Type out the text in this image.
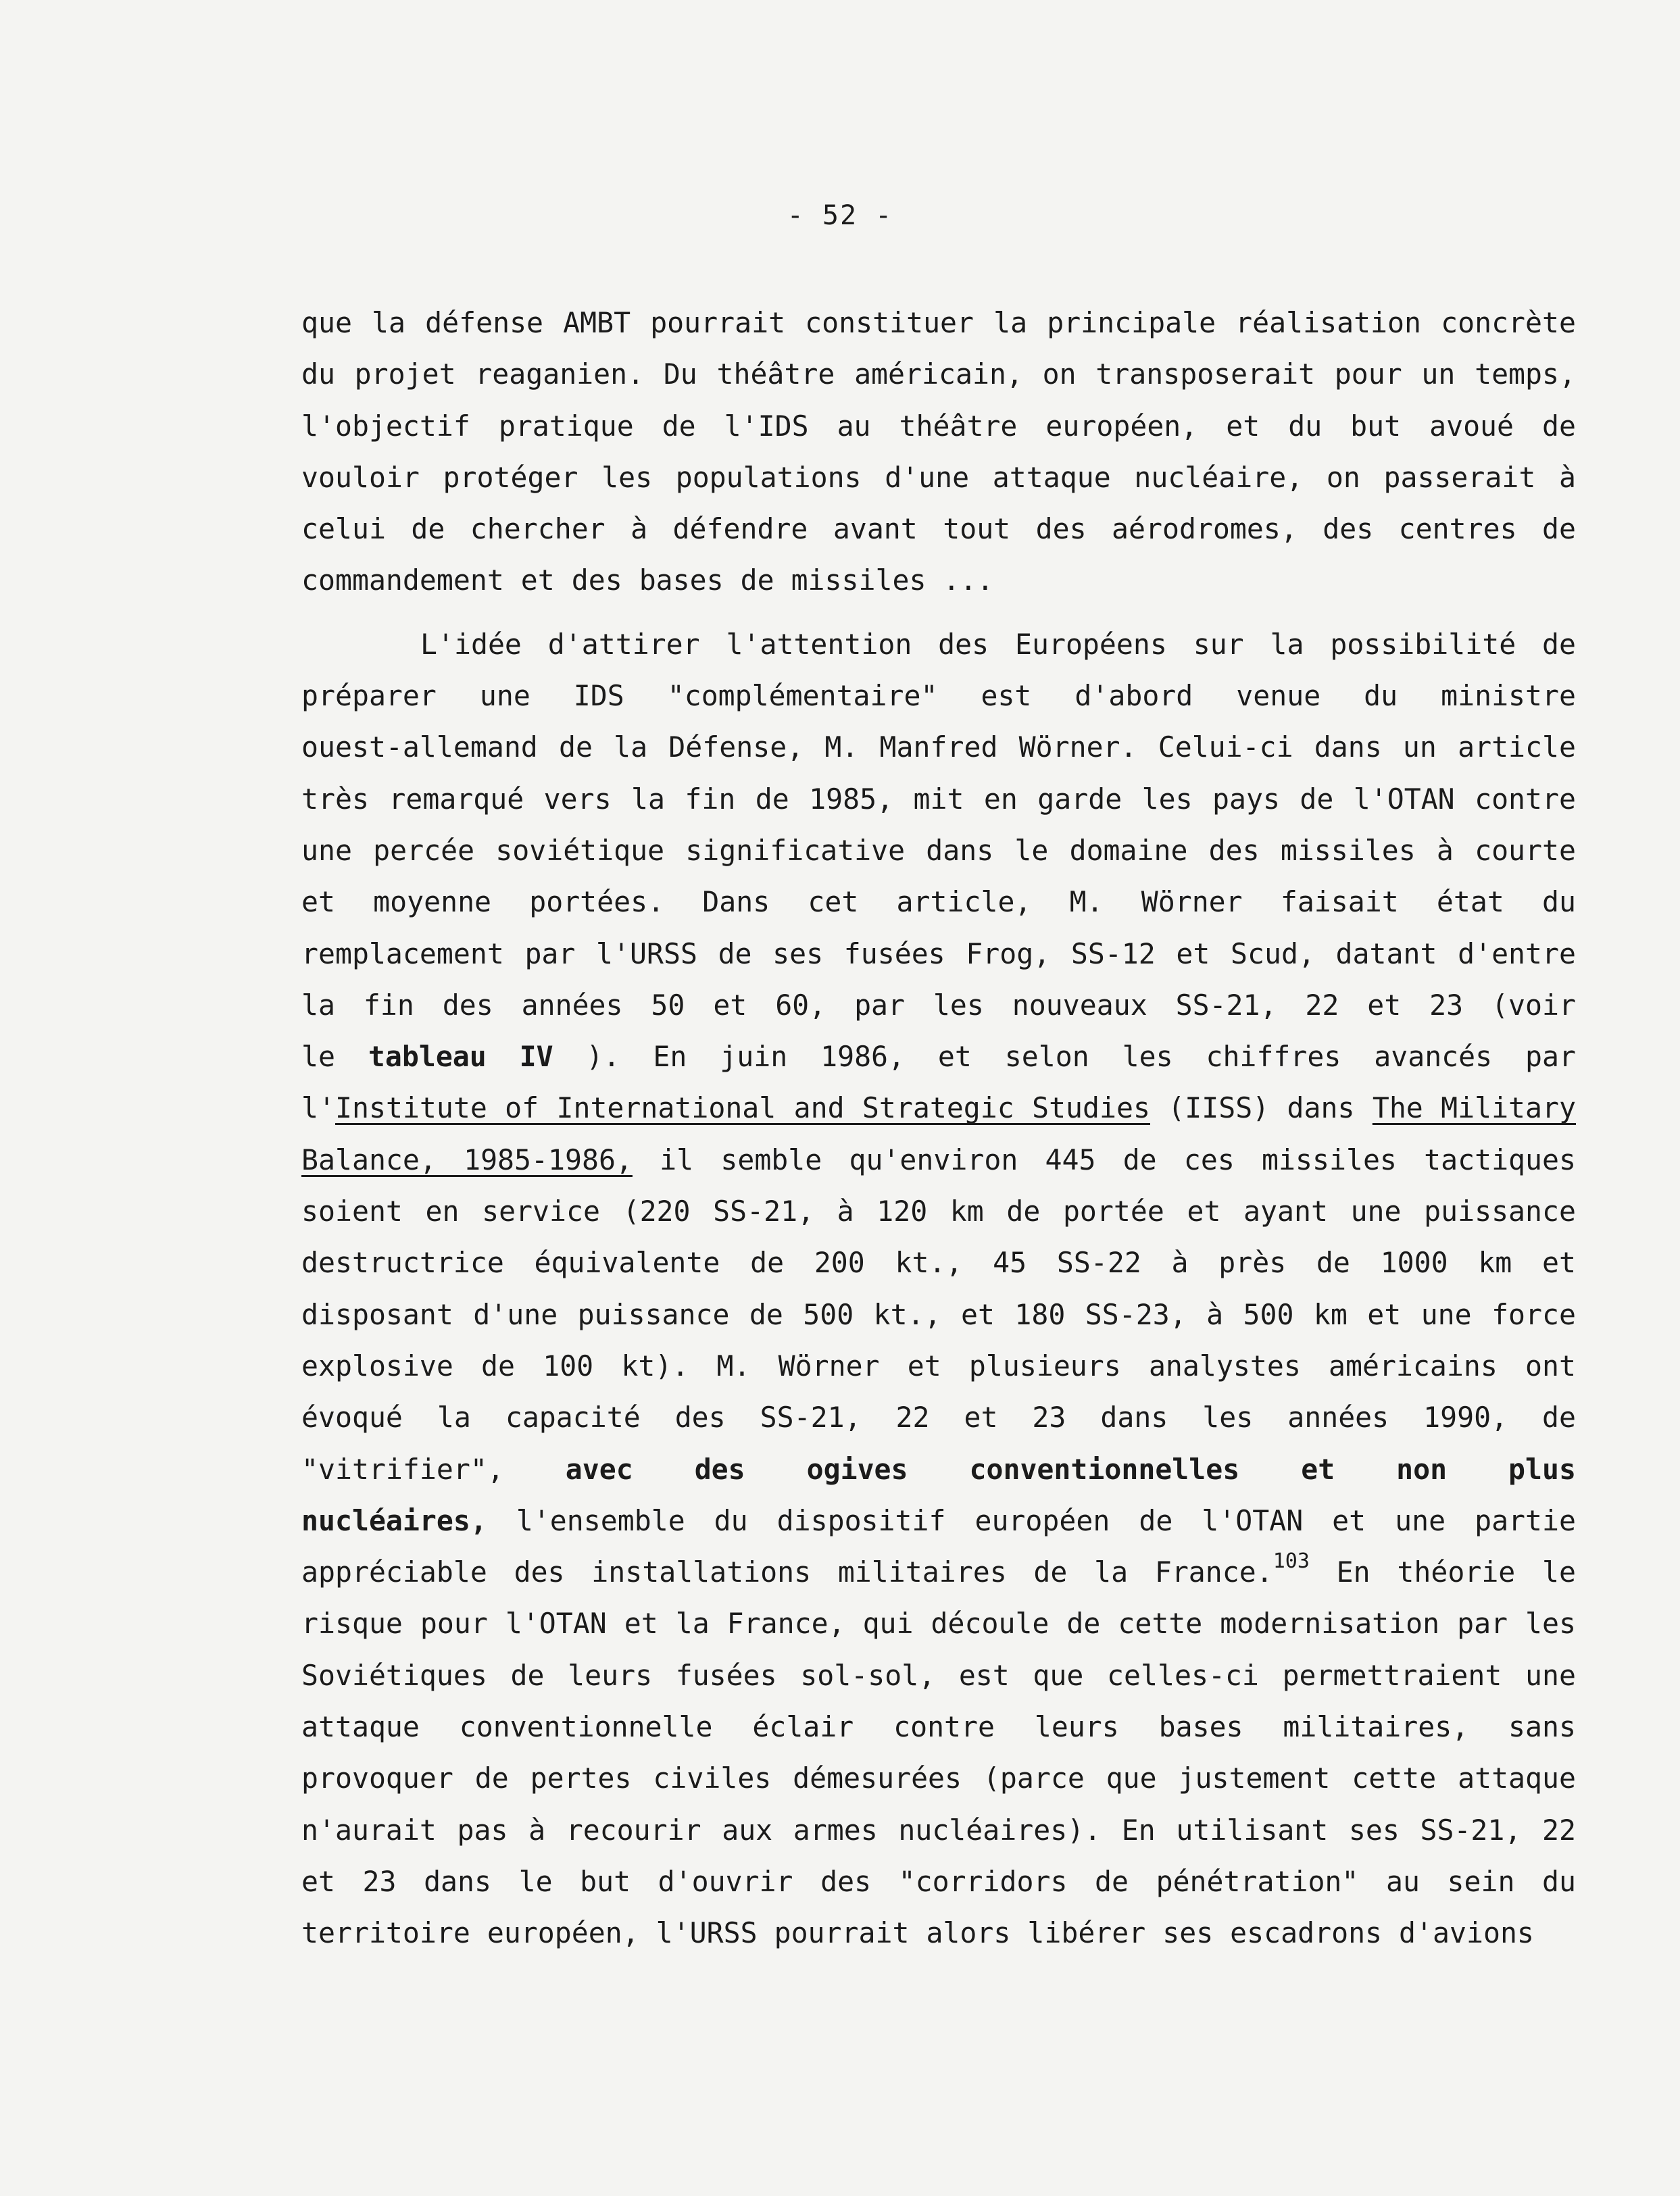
- 52 -
que la défense AMBT pourrait constituer la principale réalisation concrète
du projet reaganien. Du théâtre américain, on transposerait pour un temps,
l'objectif pratique de l'IDS au théâtre européen, et du but avoué de
vouloir protéger les populations d'une attaque nucléaire, on passerait à
celui de chercher à défendre avant tout des aérodromes, des centres de
commandement et des bases de missiles ...
L'idée d'attirer l'attention des Européens sur la possibilité de
préparer une IDS "complémentaire" est d'abord venue du ministre
ouest-allemand de la Défense, M. Manfred Wörner. Celui-ci dans un article
très remarqué vers la fin de 1985, mit en garde les pays de l'OTAN contre
une percée soviétique significative dans le domaine des missiles à courte
et moyenne portées. Dans cet article, M. Wörner faisait état du
remplacement par l'URSS de ses fusées Frog, SS-12 et Scud, datant d'entre
la fin des années 50 et 60, par les nouveaux SS-21, 22 et 23 (voir
le tableau IV ). En juin 1986, et selon les chiffres avancés par
l'Institute of International and Strategic Studies (IISS) dans The Military
Balance, 1985-1986, il semble qu'environ 445 de ces missiles tactiques
soient en service (220 SS-21, à 120 km de portée et ayant une puissance
destructrice équivalente de 200 kt., 45 SS-22 à près de 1000 km et
disposant d'une puissance de 500 kt., et 180 SS-23, à 500 km et une force
explosive de 100 kt). M. Wörner et plusieurs analystes américains ont
évoqué la capacité des SS-21, 22 et 23 dans les années 1990, de
"vitrifier", avec des ogives conventionnelles et non plus
nucléaires, l'ensemble du dispositif européen de l'OTAN et une partie
appréciable des installations militaires de la France.$^{103}$ En théorie le
risque pour l'OTAN et la France, qui découle de cette modernisation par les
Soviétiques de leurs fusées sol-sol, est que celles-ci permettraient une
attaque conventionnelle éclair contre leurs bases militaires, sans
provoquer de pertes civiles démesurées (parce que justement cette attaque
n'aurait pas à recourir aux armes nucléaires). En utilisant ses SS-21, 22
et 23 dans le but d'ouvrir des "corridors de pénétration" au sein du
territoire européen, l'URSS pourrait alors libérer ses escadrons d'avions
